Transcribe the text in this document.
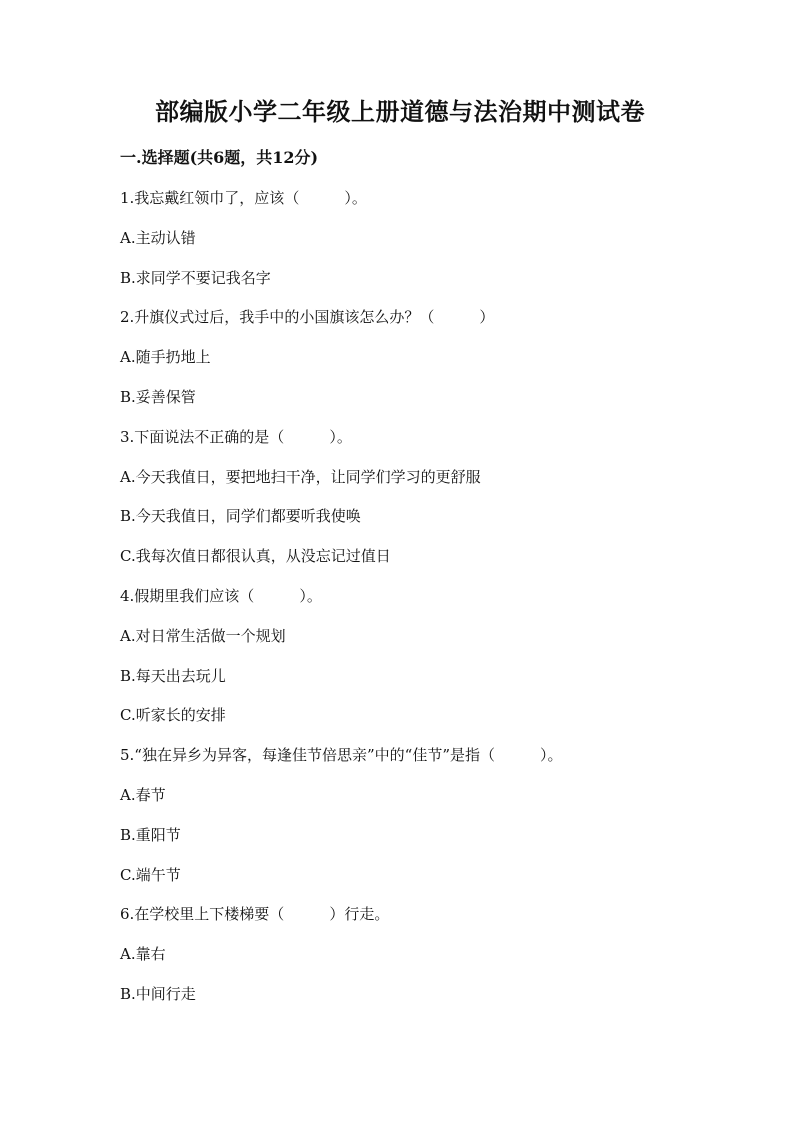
部编版小学二年级上册道德与法治期中测试卷
一.选择题(共6题，共12分)
1.我忘戴红领巾了，应该（　　　）。
A.主动认错
B.求同学不要记我名字
2.升旗仪式过后，我手中的小国旗该怎么办？（　　　）
A.随手扔地上
B.妥善保管
3.下面说法不正确的是（　　　）。
A.今天我值日，要把地扫干净，让同学们学习的更舒服
B.今天我值日，同学们都要听我使唤
C.我每次值日都很认真，从没忘记过值日
4.假期里我们应该（　　　）。
A.对日常生活做一个规划
B.每天出去玩儿
C.听家长的安排
5.“独在异乡为异客，每逢佳节倍思亲”中的“佳节”是指（　　　）。
A.春节
B.重阳节
C.端午节
6.在学校里上下楼梯要（　　　）行走。
A.靠右
B.中间行走
